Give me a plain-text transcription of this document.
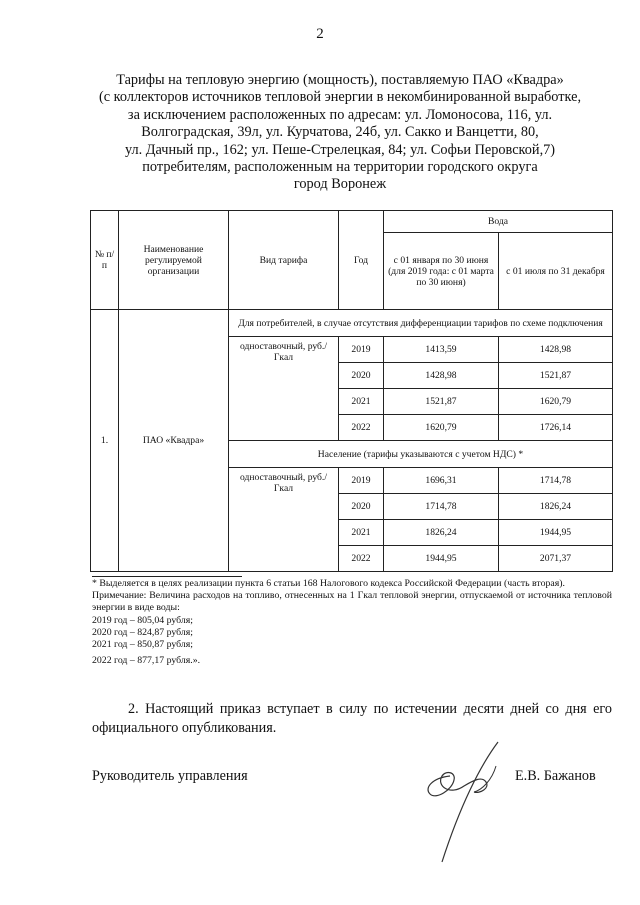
2
Тарифы на тепловую энергию (мощность), поставляемую ПАО «Квадра»
(с коллекторов источников тепловой энергии в некомбинированной выработке,
за исключением расположенных по адресам: ул. Ломоносова, 116, ул.
Волгоградская, 39л, ул. Курчатова, 24б, ул. Сакко и Ванцетти, 80,
ул. Дачный пр., 162; ул. Пеше-Стрелецкая, 84; ул. Софьи Перовской,7)
потребителям, расположенным на территории городского округа
город Воронеж
№ п/п	Наименование регулируемой организации	Вид тарифа	Год	Вода	
				с 01 января по 30 июня (для 2019 года: с 01 марта по 30 июня)	с 01 июля по 31 декабря
1.	ПАО «Квадра»	Для потребителей, в случае отсутствия дифференциации тарифов по схеме подключения			
		одноставочный, руб./Гкал	2019	1413,59	1428,98
			2020	1428,98	1521,87
			2021	1521,87	1620,79
			2022	1620,79	1726,14
		Население (тарифы указываются с учетом НДС) *			
		одноставочный, руб./Гкал	2019	1696,31	1714,78
			2020	1714,78	1826,24
			2021	1826,24	1944,95
			2022	1944,95	2071,37

* Выделяется в целях реализации пункта 6 статьи 168 Налогового кодекса Российской Федерации (часть вторая).

Примечание: Величина расходов на топливо, отнесенных на 1 Гкал тепловой энергии, отпускаемой от источника тепловой энергии в виде воды:

2019 год – 805,04 рубля;

2020 год – 824,87 рубля;

2021 год – 850,87 рубля;

2022 год – 877,17 рубля.».

2. Настоящий приказ вступает в силу по истечении десяти дней со дня его официального опубликования.
Руководитель управления	Е.В. Бажанов
